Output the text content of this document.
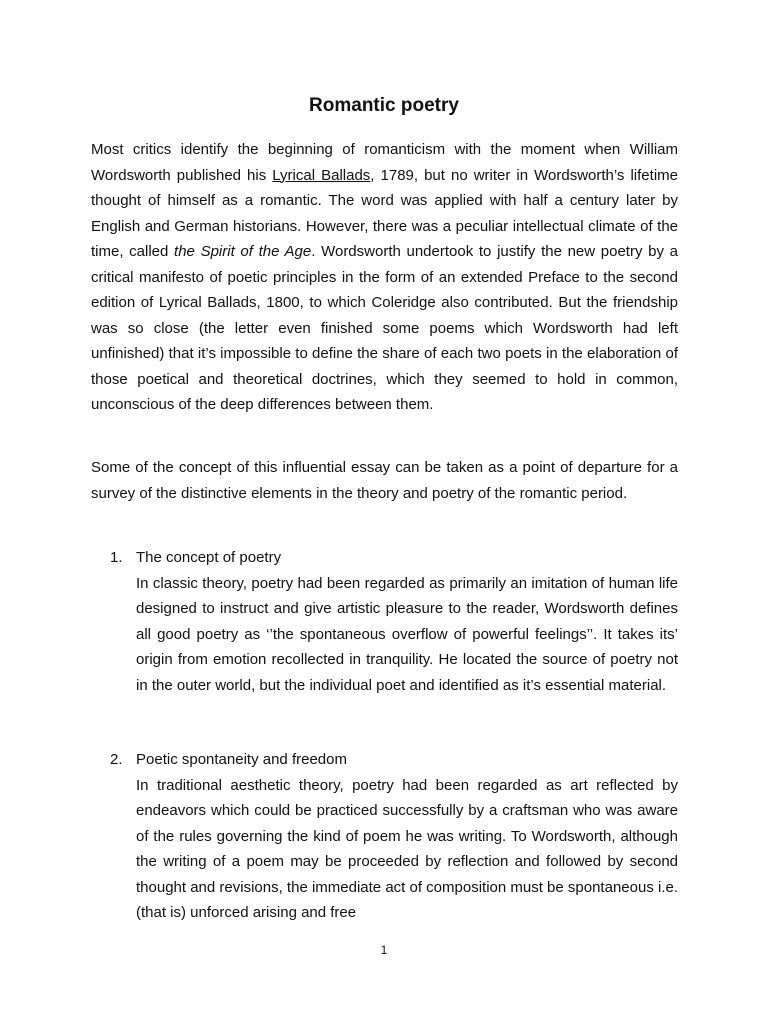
Romantic poetry

Most critics identify the beginning of romanticism with the moment when William Wordsworth published his Lyrical Ballads, 1789, but no writer in Wordsworth’s lifetime thought of himself as a romantic. The word was applied with half a century later by English and German historians. However, there was a peculiar intellectual climate of the time, called the Spirit of the Age. Wordsworth undertook to justify the new poetry by a critical manifesto of poetic principles in the form of an extended Preface to the second edition of Lyrical Ballads, 1800, to which Coleridge also contributed. But the friendship was so close (the letter even finished some poems which Wordsworth had left unfinished) that it’s impossible to define the share of each two poets in the elaboration of those poetical and theoretical doctrines, which they seemed to hold in common, unconscious of the deep differences between them.

Some of the concept of this influential essay can be taken as a point of departure for a survey of the distinctive elements in the theory and poetry of the romantic period.

1. The concept of poetry

In classic theory, poetry had been regarded as primarily an imitation of human life designed to instruct and give artistic pleasure to the reader, Wordsworth defines all good poetry as ‘’the spontaneous overflow of powerful feelings’’. It takes its’ origin from emotion recollected in tranquility. He located the source of poetry not in the outer world, but the individual poet and identified as it’s essential material.

2. Poetic spontaneity and freedom

In traditional aesthetic theory, poetry had been regarded as art reflected by endeavors which could be practiced successfully by a craftsman who was aware of the rules governing the kind of poem he was writing. To Wordsworth, although the writing of a poem may be proceeded by reflection and followed by second thought and revisions, the immediate act of composition must be spontaneous i.e. (that is) unforced arising and free

1
